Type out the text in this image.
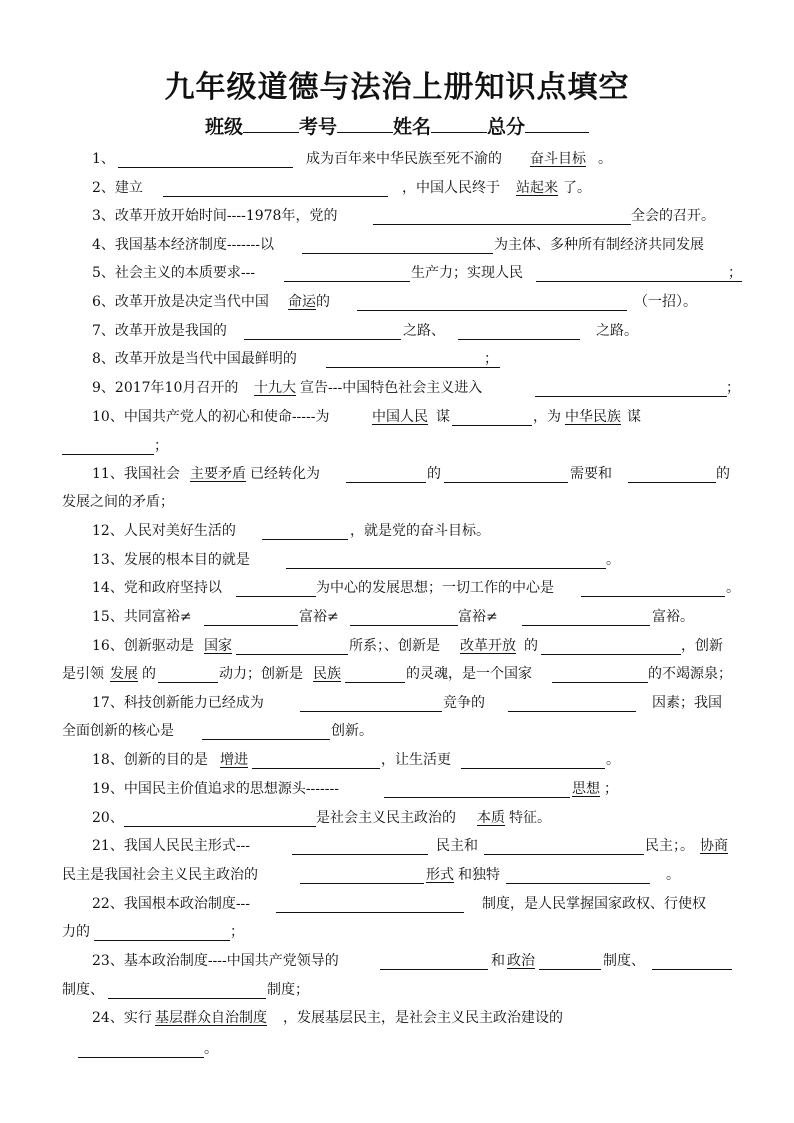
九年级道德与法治上册知识点填空
班级	考号	姓名	总分
1、	成为百年来中华民族至死不渝的 奋斗目标 。
2、建立	，中国人民终于 站起来 了。
3、改革开放开始时间----1978年，党的	全会的召开。
4、我国基本经济制度-------以	为主体、多种所有制经济共同发展
5、社会主义的本质要求---	生产力；实现人民	；
6、改革开放是决定当代中国 命运 的	（一招）。
7、改革开放是我国的	之路、	之路。
8、改革开放是当代中国最鲜明的	；
9、2017年10月召开的 十九大 宣告---中国特色社会主义进入	；
10、中国共产党人的初心和使命-----为	中国人民 谋	，为 中华民族 谋
；
11、我国社会 主要矛盾 已经转化为	的	需要和	的
发展之间的矛盾；
12、人民对美好生活的	，就是党的奋斗目标。
13、发展的根本目的就是	。
14、党和政府坚持以	为中心的发展思想；一切工作的中心是	。
15、共同富裕≠	富裕≠	富裕≠	富裕。
16、创新驱动是 国家	所系；、创新是 改革开放 的	，创新
是引领 发展 的	动力；创新是 民族	的灵魂，是一个国家	的不竭源泉；
17、科技创新能力已经成为	竞争的	因素；我国
全面创新的核心是	创新。
18、创新的目的是 增进	，让生活更	。
19、中国民主价值追求的思想源头-------	思想 ；
20、	是社会主义民主政治的 本质 特征。
21、我国人民民主形式---	民主和	民主；。 协商
民主是我国社会主义民主政治的	形式 和独特	。
22、我国根本政治制度---	制度，是人民掌握国家政权、行使权
力的	；
23、基本政治制度----中国共产党领导的	和 政治	制度、
制度、	制度；
24、实行 基层群众自治制度 ，发展基层民主，是社会主义民主政治建设的
。
